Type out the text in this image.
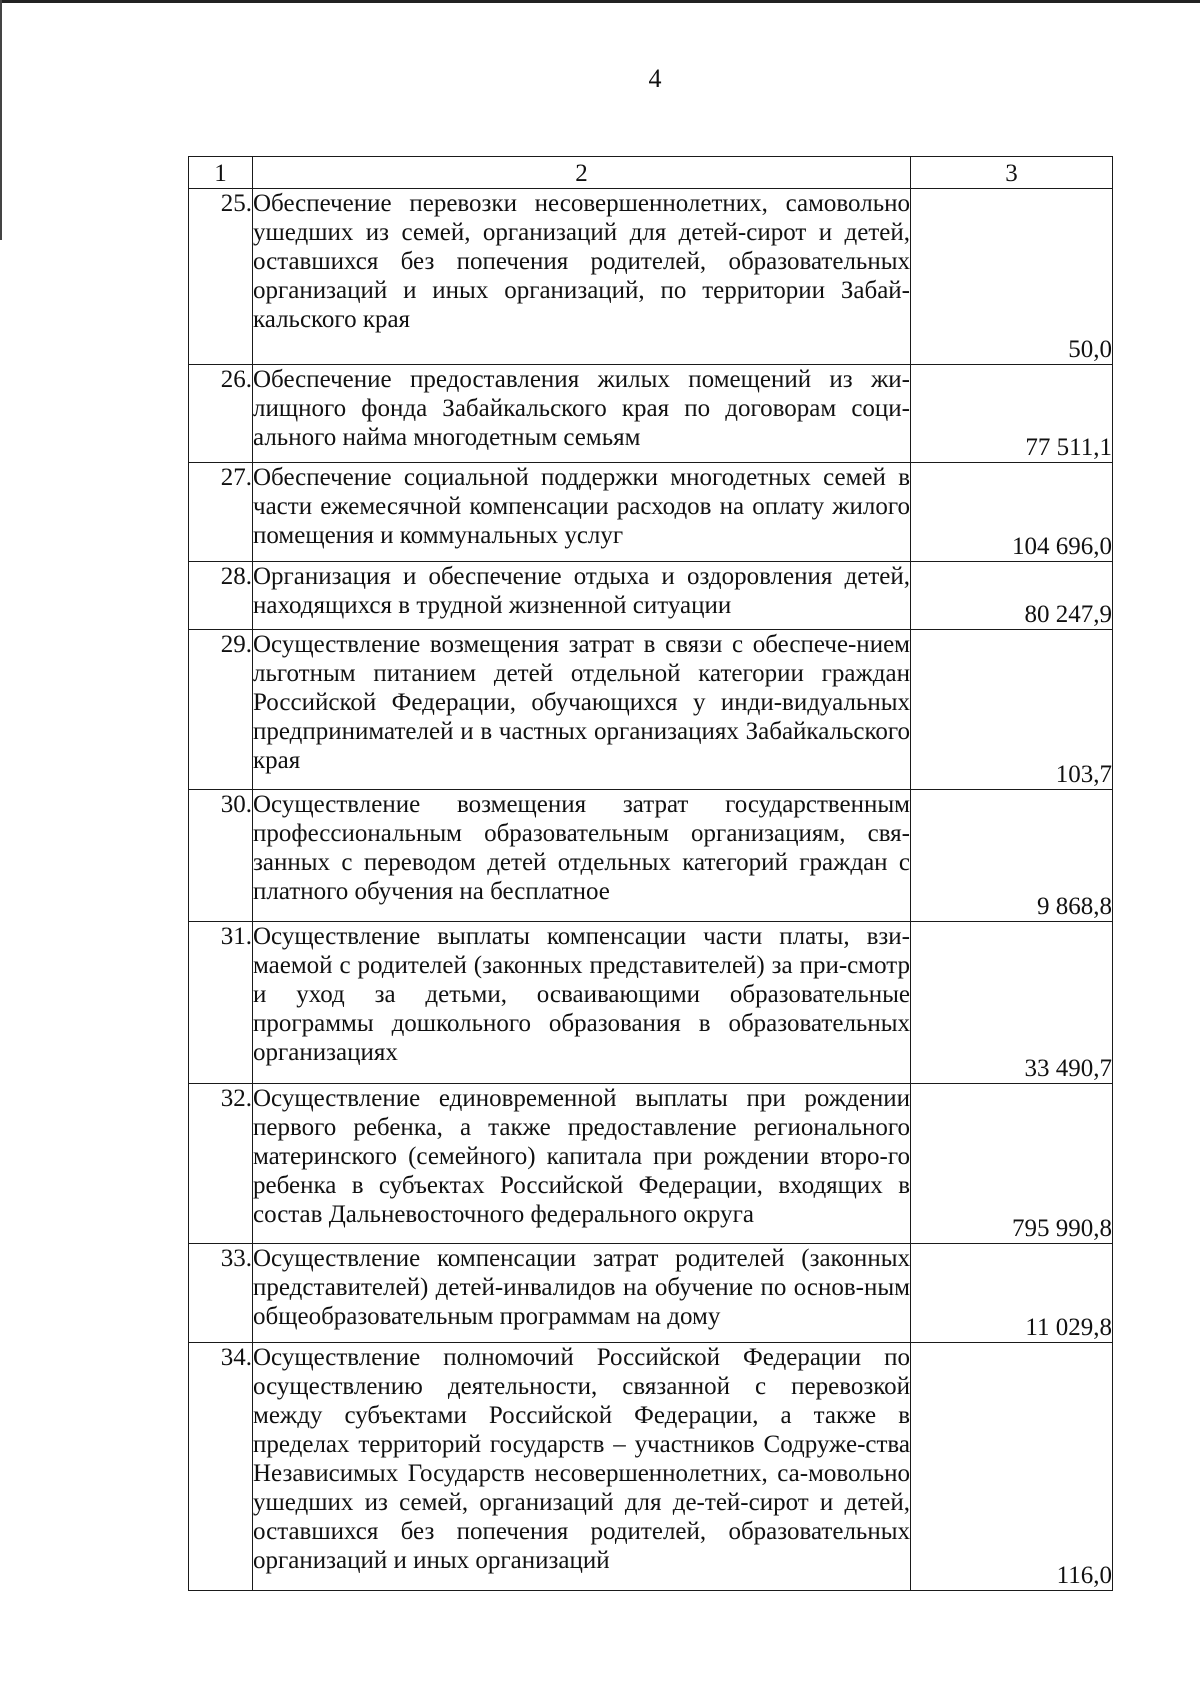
4
1	2	3
25.	Обеспечение перевозки несовершеннолетних, самовольно ушедших из семей, организаций для детей-сирот и детей, оставшихся без попечения родителей, образовательных организаций и иных организаций, по территории Забай-кальского края	50,0
26.	Обеспечение предоставления жилых помещений из жи-лищного фонда Забайкальского края по договорам соци-ального найма многодетным семьям	77 511,1
27.	Обеспечение социальной поддержки многодетных семей в части ежемесячной компенсации расходов на оплату жилого помещения и коммунальных услуг	104 696,0
28.	Организация и обеспечение отдыха и оздоровления детей, находящихся в трудной жизненной ситуации	80 247,9
29.	Осуществление возмещения затрат в связи с обеспече-нием льготным питанием детей отдельной категории граждан Российской Федерации, обучающихся у инди-видуальных предпринимателей и в частных организациях Забайкальского края	103,7
30.	Осуществление возмещения затрат государственным профессиональным образовательным организациям, свя-занных с переводом детей отдельных категорий граждан с платного обучения на бесплатное	9 868,8
31.	Осуществление выплаты компенсации части платы, взи-маемой с родителей (законных представителей) за при-смотр и уход за детьми, осваивающими образовательные программы дошкольного образования в образовательных организациях	33 490,7
32.	Осуществление единовременной выплаты при рождении первого ребенка, а также предоставление регионального материнского (семейного) капитала при рождении второ-го ребенка в субъектах Российской Федерации, входящих в состав Дальневосточного федерального округа	795 990,8
33.	Осуществление компенсации затрат родителей (законных представителей) детей-инвалидов на обучение по основ-ным общеобразовательным программам на дому	11 029,8
34.	Осуществление полномочий Российской Федерации по осуществлению деятельности, связанной с перевозкой между субъектами Российской Федерации, а также в пределах территорий государств – участников Содруже-ства Независимых Государств несовершеннолетних, са-мовольно ушедших из семей, организаций для де-тей-сирот и детей, оставшихся без попечения родителей, образовательных организаций и иных организаций	116,0
